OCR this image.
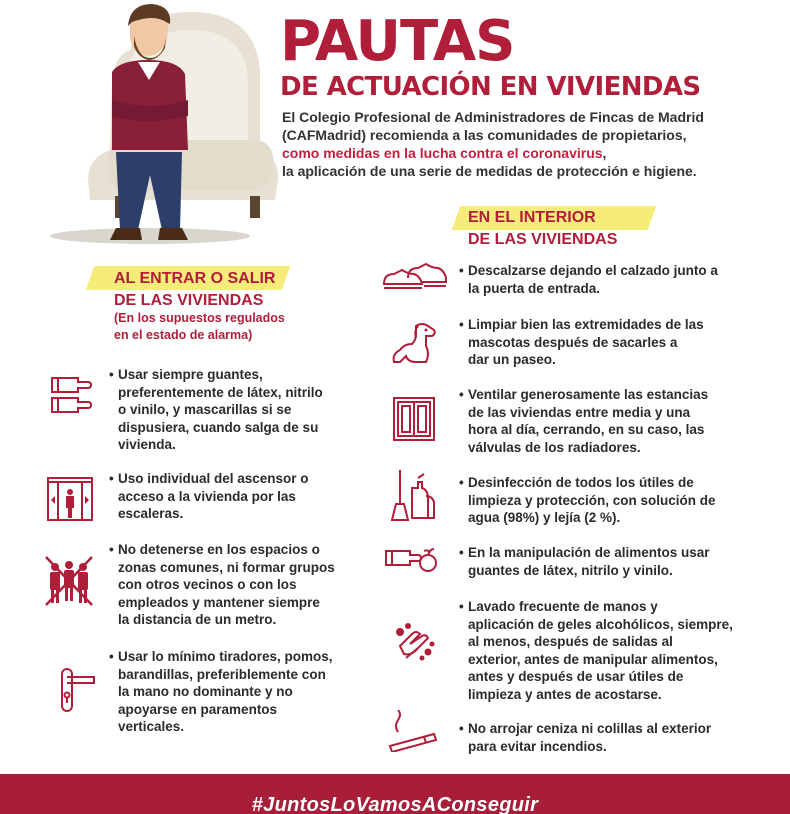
PAUTAS
DE ACTUACIÓN EN VIVIENDAS
El Colegio Profesional de Administradores de Fincas de Madrid
(CAFMadrid) recomienda a las comunidades de propietarios,
como medidas en la lucha contra el coronavirus,
la aplicación de una serie de medidas de protección e higiene.
AL ENTRAR O SALIR
DE LAS VIVIENDAS
(En los supuestos regulados
en el estado de alarma)
EN EL INTERIOR
DE LAS VIVIENDAS
• Usar siempre guantes,
preferentemente de látex, nitrilo
o vinilo, y mascarillas si se
dispusiera, cuando salga de su
vivienda.
• Uso individual del ascensor o
acceso a la vivienda por las
escaleras.
• No detenerse en los espacios o
zonas comunes, ni formar grupos
con otros vecinos o con los
empleados y mantener siempre
la distancia de un metro.
• Usar lo mínimo tiradores, pomos,
barandillas, preferiblemente con
la mano no dominante y no
apoyarse en paramentos
verticales.
• Descalzarse dejando el calzado junto a
la puerta de entrada.
• Limpiar bien las extremidades de las
mascotas después de sacarles a
dar un paseo.
• Ventilar generosamente las estancias
de las viviendas entre media y una
hora al día, cerrando, en su caso, las
válvulas de los radiadores.
• Desinfección de todos los útiles de
limpieza y protección, con solución de
agua (98%) y lejía (2 %).
• En la manipulación de alimentos usar
guantes de látex, nitrilo y vinilo.
• Lavado frecuente de manos y
aplicación de geles alcohólicos, siempre,
al menos, después de salidas al
exterior, antes de manipular alimentos,
antes y después de usar útiles de
limpieza y antes de acostarse.
• No arrojar ceniza ni colillas al exterior
para evitar incendios.
#JuntosLoVamosAConseguir
